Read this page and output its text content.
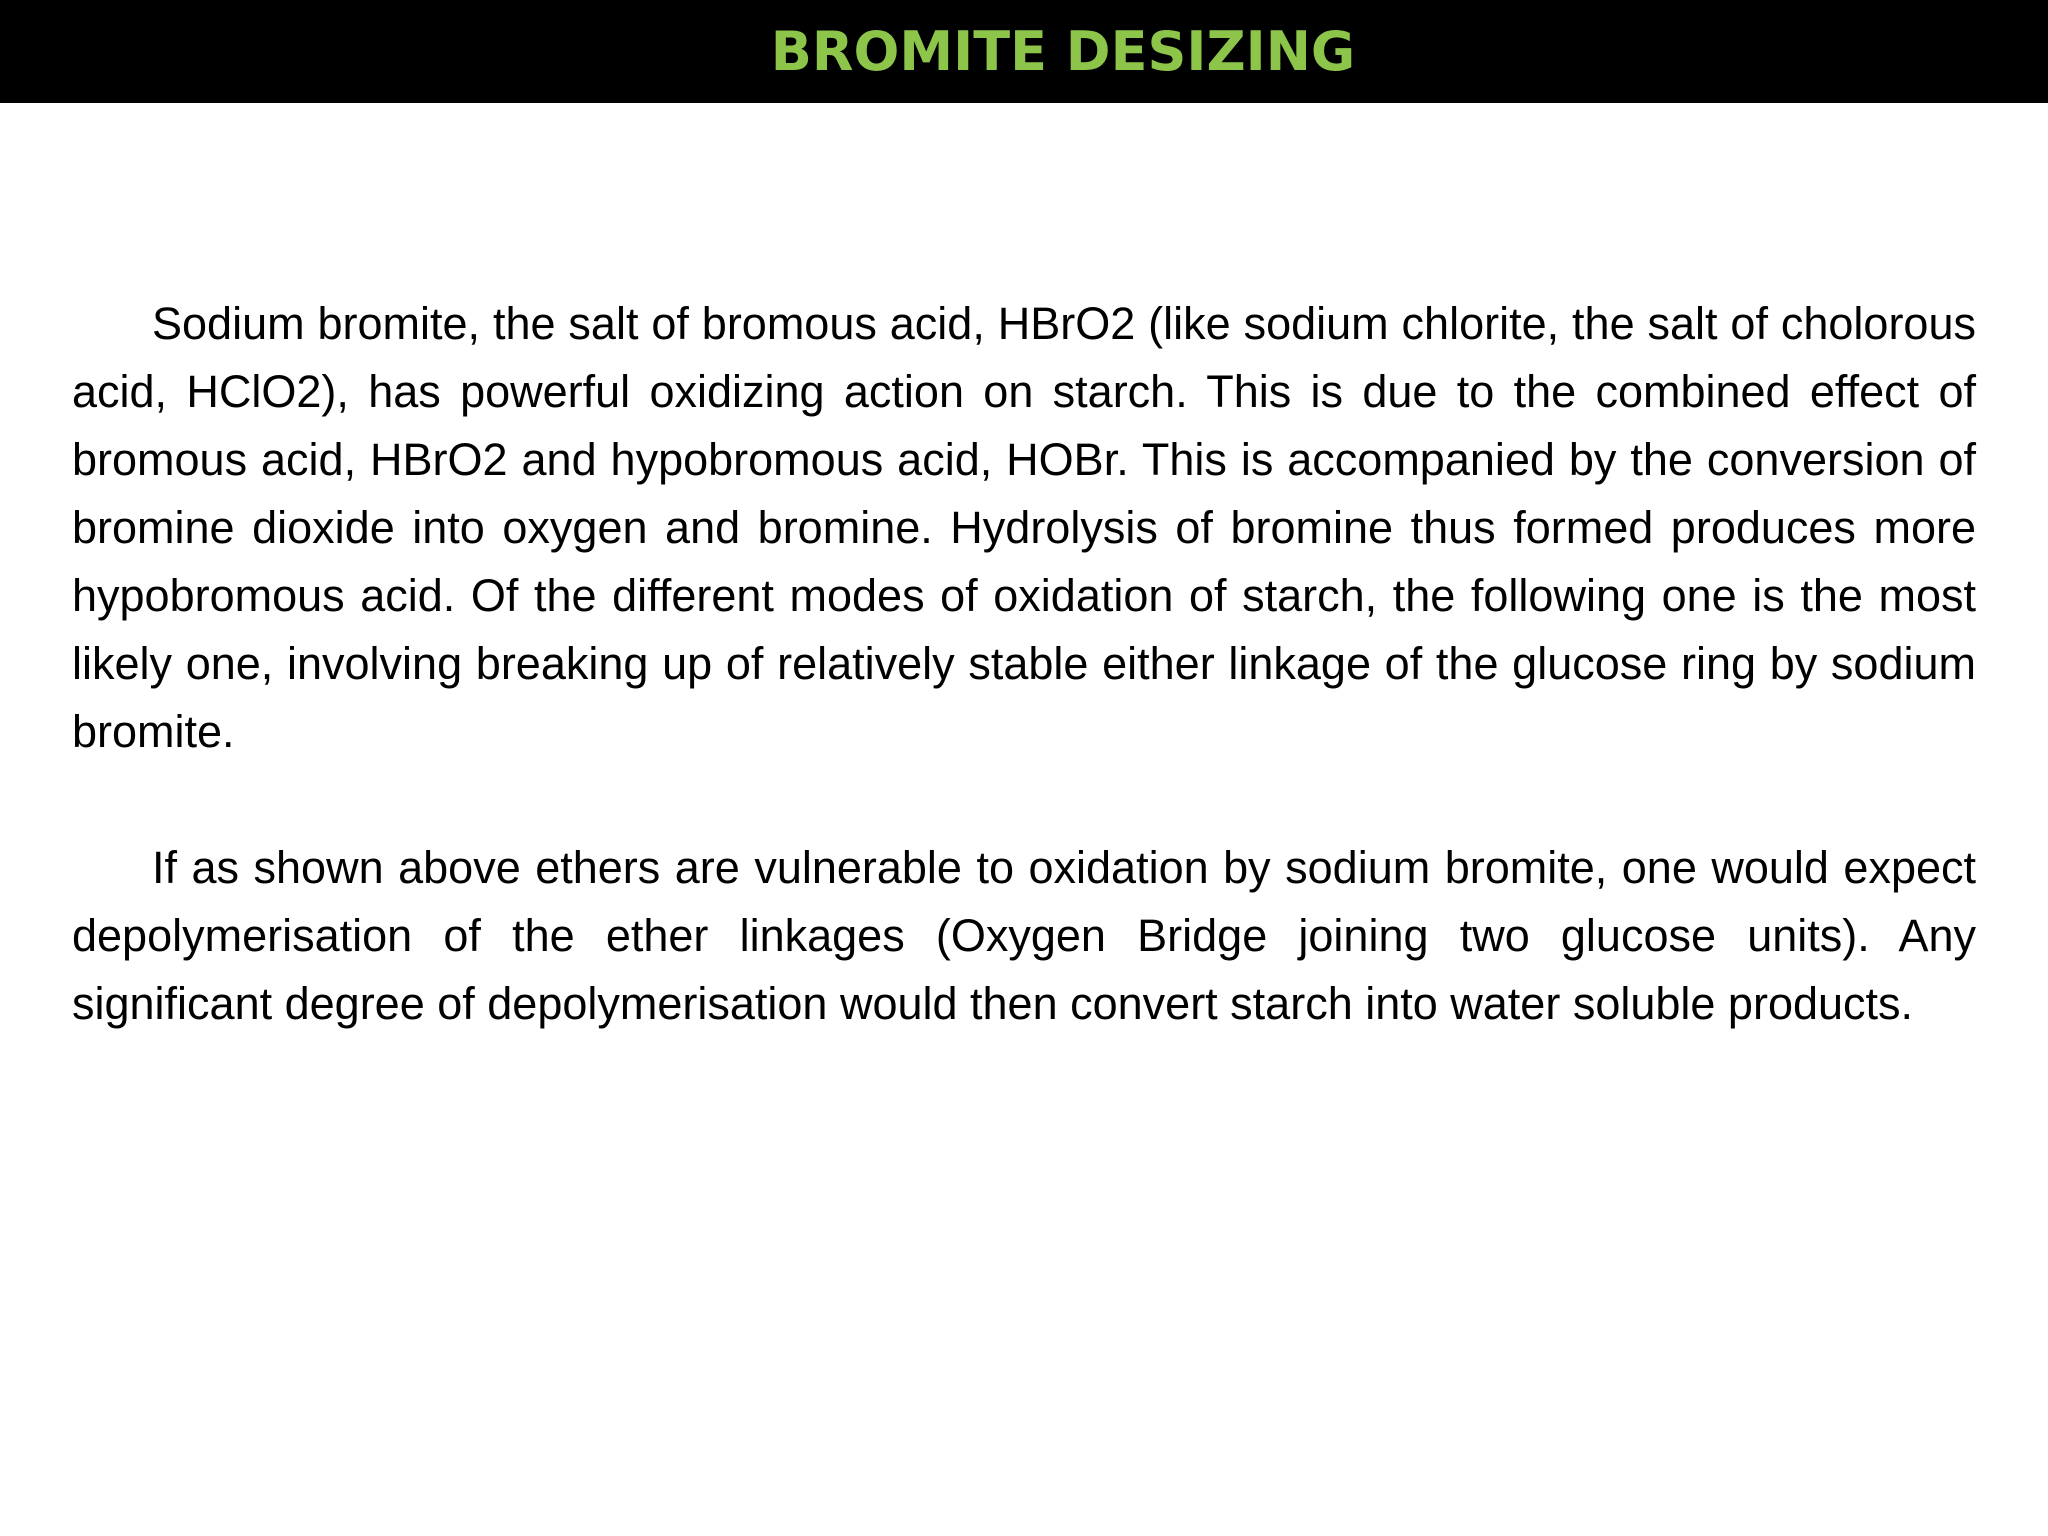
BROMITE DESIZING

Sodium bromite, the salt of bromous acid, HBrO2 (like sodium chlorite, the salt of cholorous acid, HClO2), has powerful oxidizing action on starch. This is due to the combined effect of bromous acid, HBrO2 and hypobromous acid, HOBr. This is accompanied by the conversion of bromine dioxide into oxygen and bromine. Hydrolysis of bromine thus formed produces more hypobromous acid. Of the different modes of oxidation of starch, the following one is the most likely one, involving breaking up of relatively stable either linkage of the glucose ring by sodium bromite.

If as shown above ethers are vulnerable to oxidation by sodium bromite, one would expect depolymerisation of the ether linkages (Oxygen Bridge joining two glucose units). Any significant degree of depolymerisation would then convert starch into water soluble products.
